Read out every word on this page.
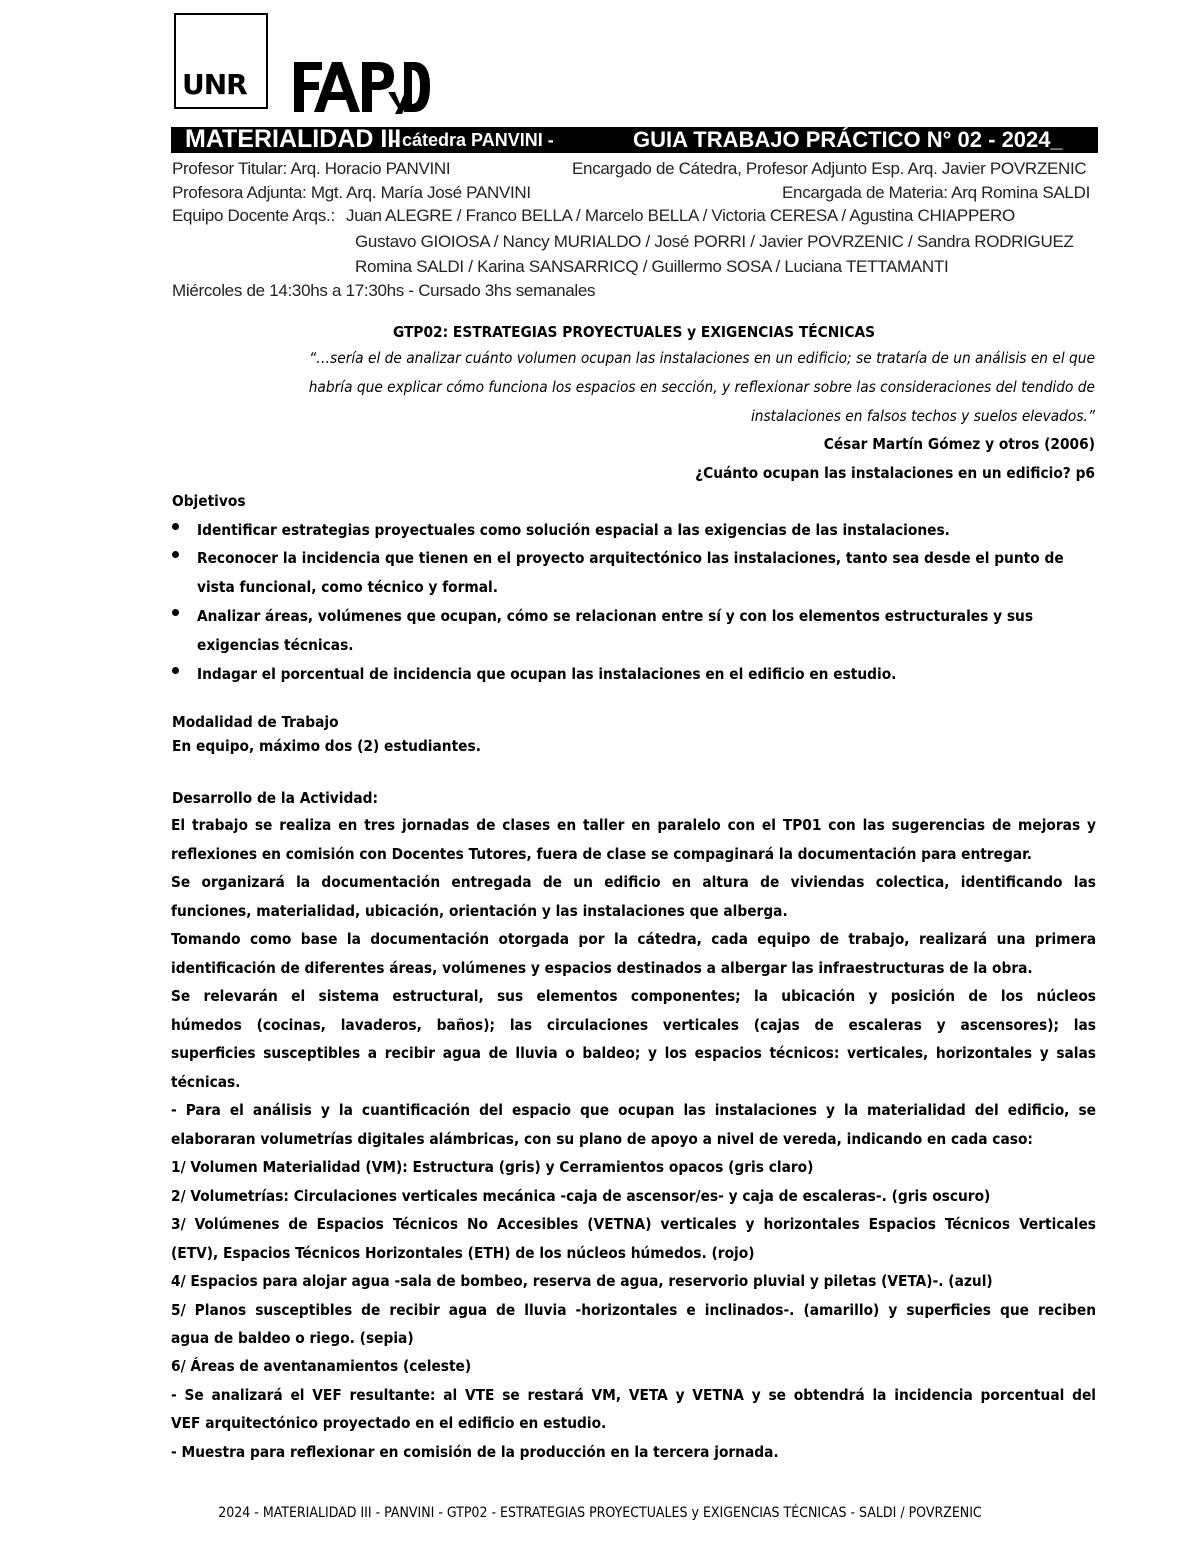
UNR
MATERIALIDAD III
- cátedra PANVINI -	GUIA TRABAJO PRÁCTICO N° 02 - 2024_
Profesor Titular: Arq. Horacio PANVINI	Encargado de Cátedra, Profesor Adjunto Esp. Arq. Javier POVRZENIC
Profesora Adjunta: Mgt. Arq. María José PANVINI	Encargada de Materia: Arq Romina SALDI
Equipo Docente Arqs.: Juan ALEGRE / Franco BELLA / Marcelo BELLA / Victoria CERESA / Agustina CHIAPPERO
Gustavo GIOIOSA / Nancy MURIALDO / José PORRI / Javier POVRZENIC / Sandra RODRIGUEZ
Romina SALDI / Karina SANSARRICQ / Guillermo SOSA / Luciana TETTAMANTI
Miércoles de 14:30hs a 17:30hs - Cursado 3hs semanales
GTP02: ESTRATEGIAS PROYECTUALES y EXIGENCIAS TÉCNICAS
“…sería el de analizar cuánto volumen ocupan las instalaciones en un edificio; se trataría de un análisis en el que
habría que explicar cómo funciona los espacios en sección, y reflexionar sobre las consideraciones del tendido de
instalaciones en falsos techos y suelos elevados.”
César Martín Gómez y otros (2006)
¿Cuánto ocupan las instalaciones en un edificio? p6
Objetivos
Identificar estrategias proyectuales como solución espacial a las exigencias de las instalaciones.
Reconocer la incidencia que tienen en el proyecto arquitectónico las instalaciones, tanto sea desde el punto de vista funcional, como técnico y formal.
Analizar áreas, volúmenes que ocupan, cómo se relacionan entre sí y con los elementos estructurales y sus exigencias técnicas.
Indagar el porcentual de incidencia que ocupan las instalaciones en el edificio en estudio.
Modalidad de Trabajo
En equipo, máximo dos (2) estudiantes.
Desarrollo de la Actividad:
El trabajo se realiza en tres jornadas de clases en taller en paralelo con el TP01 con las sugerencias de mejoras y
reflexiones en comisión con Docentes Tutores, fuera de clase se compaginará la documentación para entregar.
Se organizará la documentación entregada de un edificio en altura de viviendas colectica, identificando las
funciones, materialidad, ubicación, orientación y las instalaciones que alberga.
Tomando como base la documentación otorgada por la cátedra, cada equipo de trabajo, realizará una primera
identificación de diferentes áreas, volúmenes y espacios destinados a albergar las infraestructuras de la obra.
Se relevarán el sistema estructural, sus elementos componentes; la ubicación y posición de los núcleos
húmedos (cocinas, lavaderos, baños); las circulaciones verticales (cajas de escaleras y ascensores); las
superficies susceptibles a recibir agua de lluvia o baldeo; y los espacios técnicos: verticales, horizontales y salas
técnicas.
- Para el análisis y la cuantificación del espacio que ocupan las instalaciones y la materialidad del edificio, se
elaboraran volumetrías digitales alámbricas, con su plano de apoyo a nivel de vereda, indicando en cada caso:
1/ Volumen Materialidad (VM): Estructura (gris) y Cerramientos opacos (gris claro)
2/ Volumetrías: Circulaciones verticales mecánica -caja de ascensor/es- y caja de escaleras-. (gris oscuro)
3/ Volúmenes de Espacios Técnicos No Accesibles (VETNA) verticales y horizontales Espacios Técnicos Verticales
(ETV), Espacios Técnicos Horizontales (ETH) de los núcleos húmedos. (rojo)
4/ Espacios para alojar agua -sala de bombeo, reserva de agua, reservorio pluvial y piletas (VETA)-. (azul)
5/ Planos susceptibles de recibir agua de lluvia -horizontales e inclinados-. (amarillo) y superficies que reciben
agua de baldeo o riego. (sepia)
6/ Áreas de aventanamientos (celeste)
- Se analizará el VEF resultante: al VTE se restará VM, VETA y VETNA y se obtendrá la incidencia porcentual del
VEF arquitectónico proyectado en el edificio en estudio.
- Muestra para reflexionar en comisión de la producción en la tercera jornada.
2024 - MATERIALIDAD III - PANVINI - GTP02 - ESTRATEGIAS PROYECTUALES y EXIGENCIAS TÉCNICAS - SALDI / POVRZENIC
